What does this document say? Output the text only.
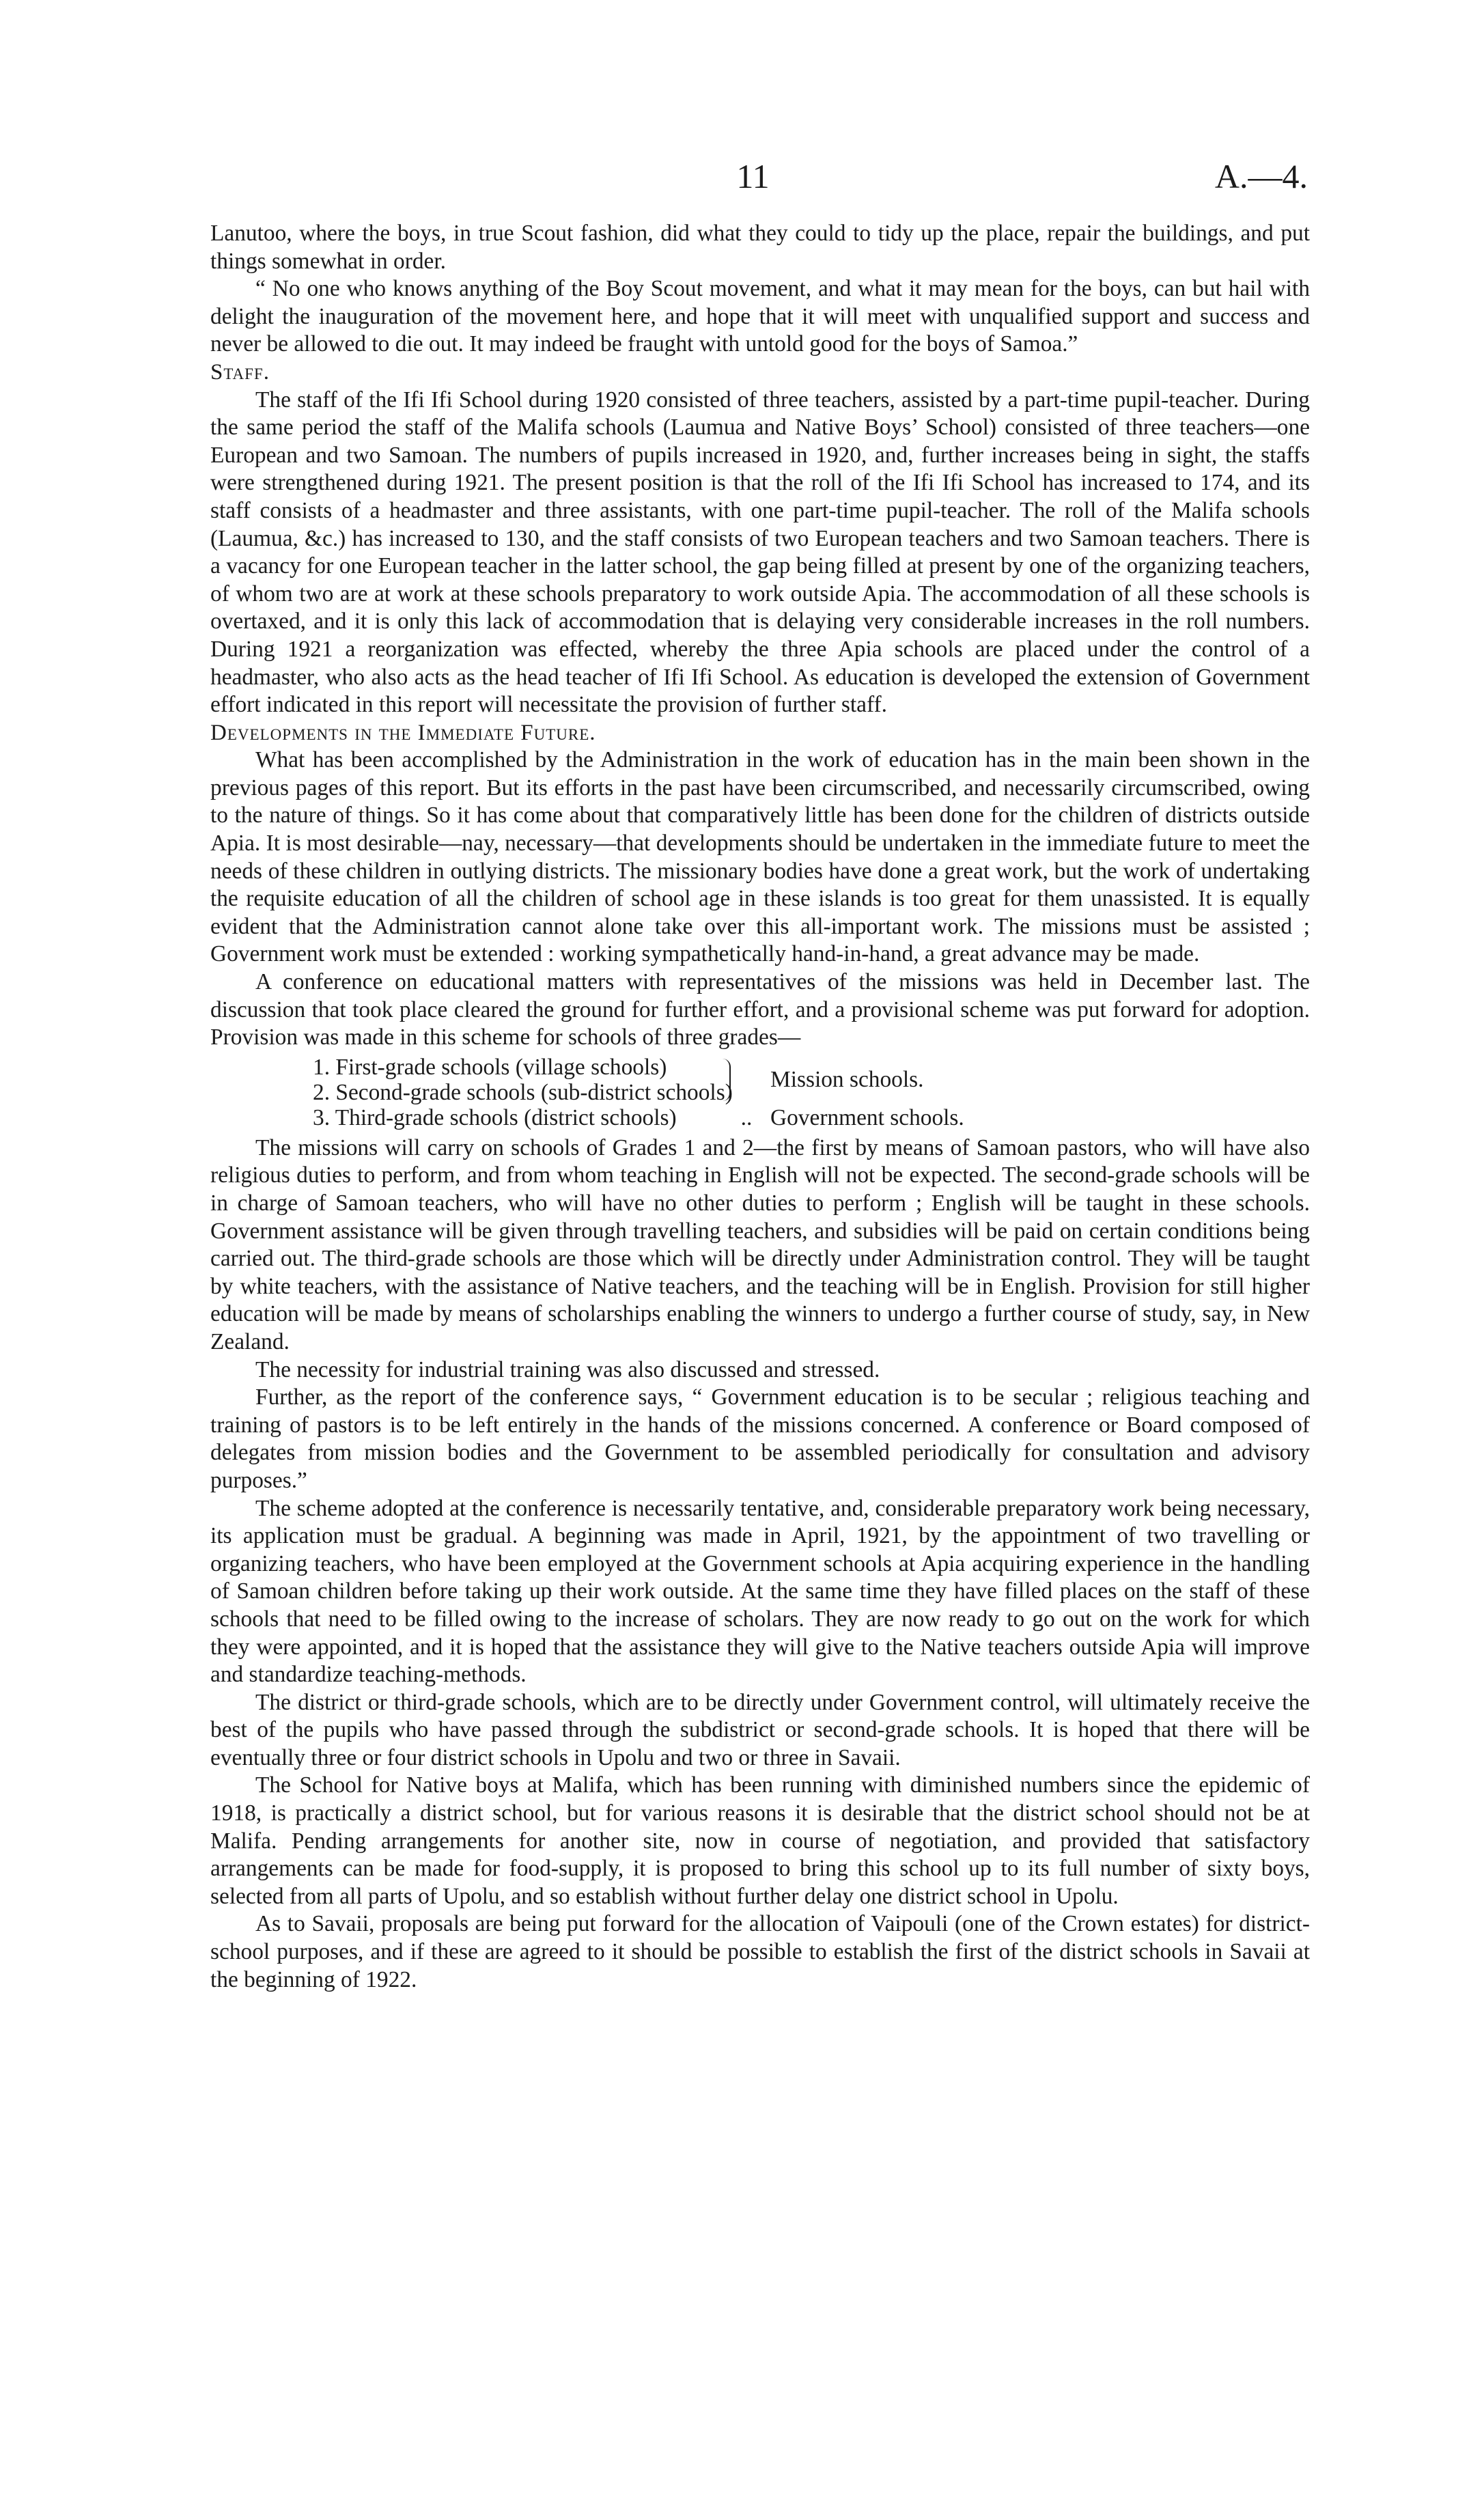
11	A.—4.

Lanutoo, where the boys, in true Scout fashion, did what they could to tidy up the place, repair the buildings, and put things somewhat in order.

“ No one who knows anything of the Boy Scout movement, and what it may mean for the boys, can but hail with delight the inauguration of the movement here, and hope that it will meet with unqualified support and success and never be allowed to die out. It may indeed be fraught with untold good for the boys of Samoa.”

Staff.

The staff of the Ifi Ifi School during 1920 consisted of three teachers, assisted by a part-time pupil-teacher. During the same period the staff of the Malifa schools (Laumua and Native Boys’ School) consisted of three teachers—one European and two Samoan. The numbers of pupils increased in 1920, and, further increases being in sight, the staffs were strengthened during 1921. The present position is that the roll of the Ifi Ifi School has increased to 174, and its staff consists of a headmaster and three assistants, with one part-time pupil-teacher. The roll of the Malifa schools (Laumua, &c.) has increased to 130, and the staff consists of two European teachers and two Samoan teachers. There is a vacancy for one European teacher in the latter school, the gap being filled at present by one of the organizing teachers, of whom two are at work at these schools preparatory to work outside Apia. The accommodation of all these schools is overtaxed, and it is only this lack of accommodation that is delaying very considerable increases in the roll numbers. During 1921 a reorganization was effected, whereby the three Apia schools are placed under the control of a headmaster, who also acts as the head teacher of Ifi Ifi School. As education is developed the extension of Government effort indicated in this report will necessitate the provision of further staff.

Developments in the Immediate Future.

What has been accomplished by the Administration in the work of education has in the main been shown in the previous pages of this report. But its efforts in the past have been circumscribed, and necessarily circumscribed, owing to the nature of things. So it has come about that comparatively little has been done for the children of districts outside Apia. It is most desirable—nay, necessary—that developments should be undertaken in the immediate future to meet the needs of these children in outlying districts. The missionary bodies have done a great work, but the work of undertaking the requisite education of all the children of school age in these islands is too great for them unassisted. It is equally evident that the Administration cannot alone take over this all-important work. The missions must be assisted ; Government work must be extended : working sympathetically hand-in-hand, a great advance may be made.

A conference on educational matters with representatives of the missions was held in December last. The discussion that took place cleared the ground for further effort, and a provisional scheme was put forward for adoption. Provision was made in this scheme for schools of three grades—

1. First-grade schools (village schools)
2. Second-grade schools (sub-district schools) Mission schools.
3. Third-grade schools (district schools)	.. Government schools.

The missions will carry on schools of Grades 1 and 2—the first by means of Samoan pastors, who will have also religious duties to perform, and from whom teaching in English will not be expected. The second-grade schools will be in charge of Samoan teachers, who will have no other duties to perform ; English will be taught in these schools. Government assistance will be given through travelling teachers, and subsidies will be paid on certain conditions being carried out. The third-grade schools are those which will be directly under Administration control. They will be taught by white teachers, with the assistance of Native teachers, and the teaching will be in English. Provision for still higher education will be made by means of scholarships enabling the winners to undergo a further course of study, say, in New Zealand.

The necessity for industrial training was also discussed and stressed.

Further, as the report of the conference says, “ Government education is to be secular ; religious teaching and training of pastors is to be left entirely in the hands of the missions concerned. A conference or Board composed of delegates from mission bodies and the Government to be assembled periodically for consultation and advisory purposes.”

The scheme adopted at the conference is necessarily tentative, and, considerable preparatory work being necessary, its application must be gradual. A beginning was made in April, 1921, by the appointment of two travelling or organizing teachers, who have been employed at the Government schools at Apia acquiring experience in the handling of Samoan children before taking up their work outside. At the same time they have filled places on the staff of these schools that need to be filled owing to the increase of scholars. They are now ready to go out on the work for which they were appointed, and it is hoped that the assistance they will give to the Native teachers outside Apia will improve and standardize teaching-methods.

The district or third-grade schools, which are to be directly under Government control, will ultimately receive the best of the pupils who have passed through the subdistrict or second-grade schools. It is hoped that there will be eventually three or four district schools in Upolu and two or three in Savaii.

The School for Native boys at Malifa, which has been running with diminished numbers since the epidemic of 1918, is practically a district school, but for various reasons it is desirable that the district school should not be at Malifa. Pending arrangements for another site, now in course of negotiation, and provided that satisfactory arrangements can be made for food-supply, it is proposed to bring this school up to its full number of sixty boys, selected from all parts of Upolu, and so establish without further delay one district school in Upolu.

As to Savaii, proposals are being put forward for the allocation of Vaipouli (one of the Crown estates) for district-school purposes, and if these are agreed to it should be possible to establish the first of the district schools in Savaii at the beginning of 1922.
